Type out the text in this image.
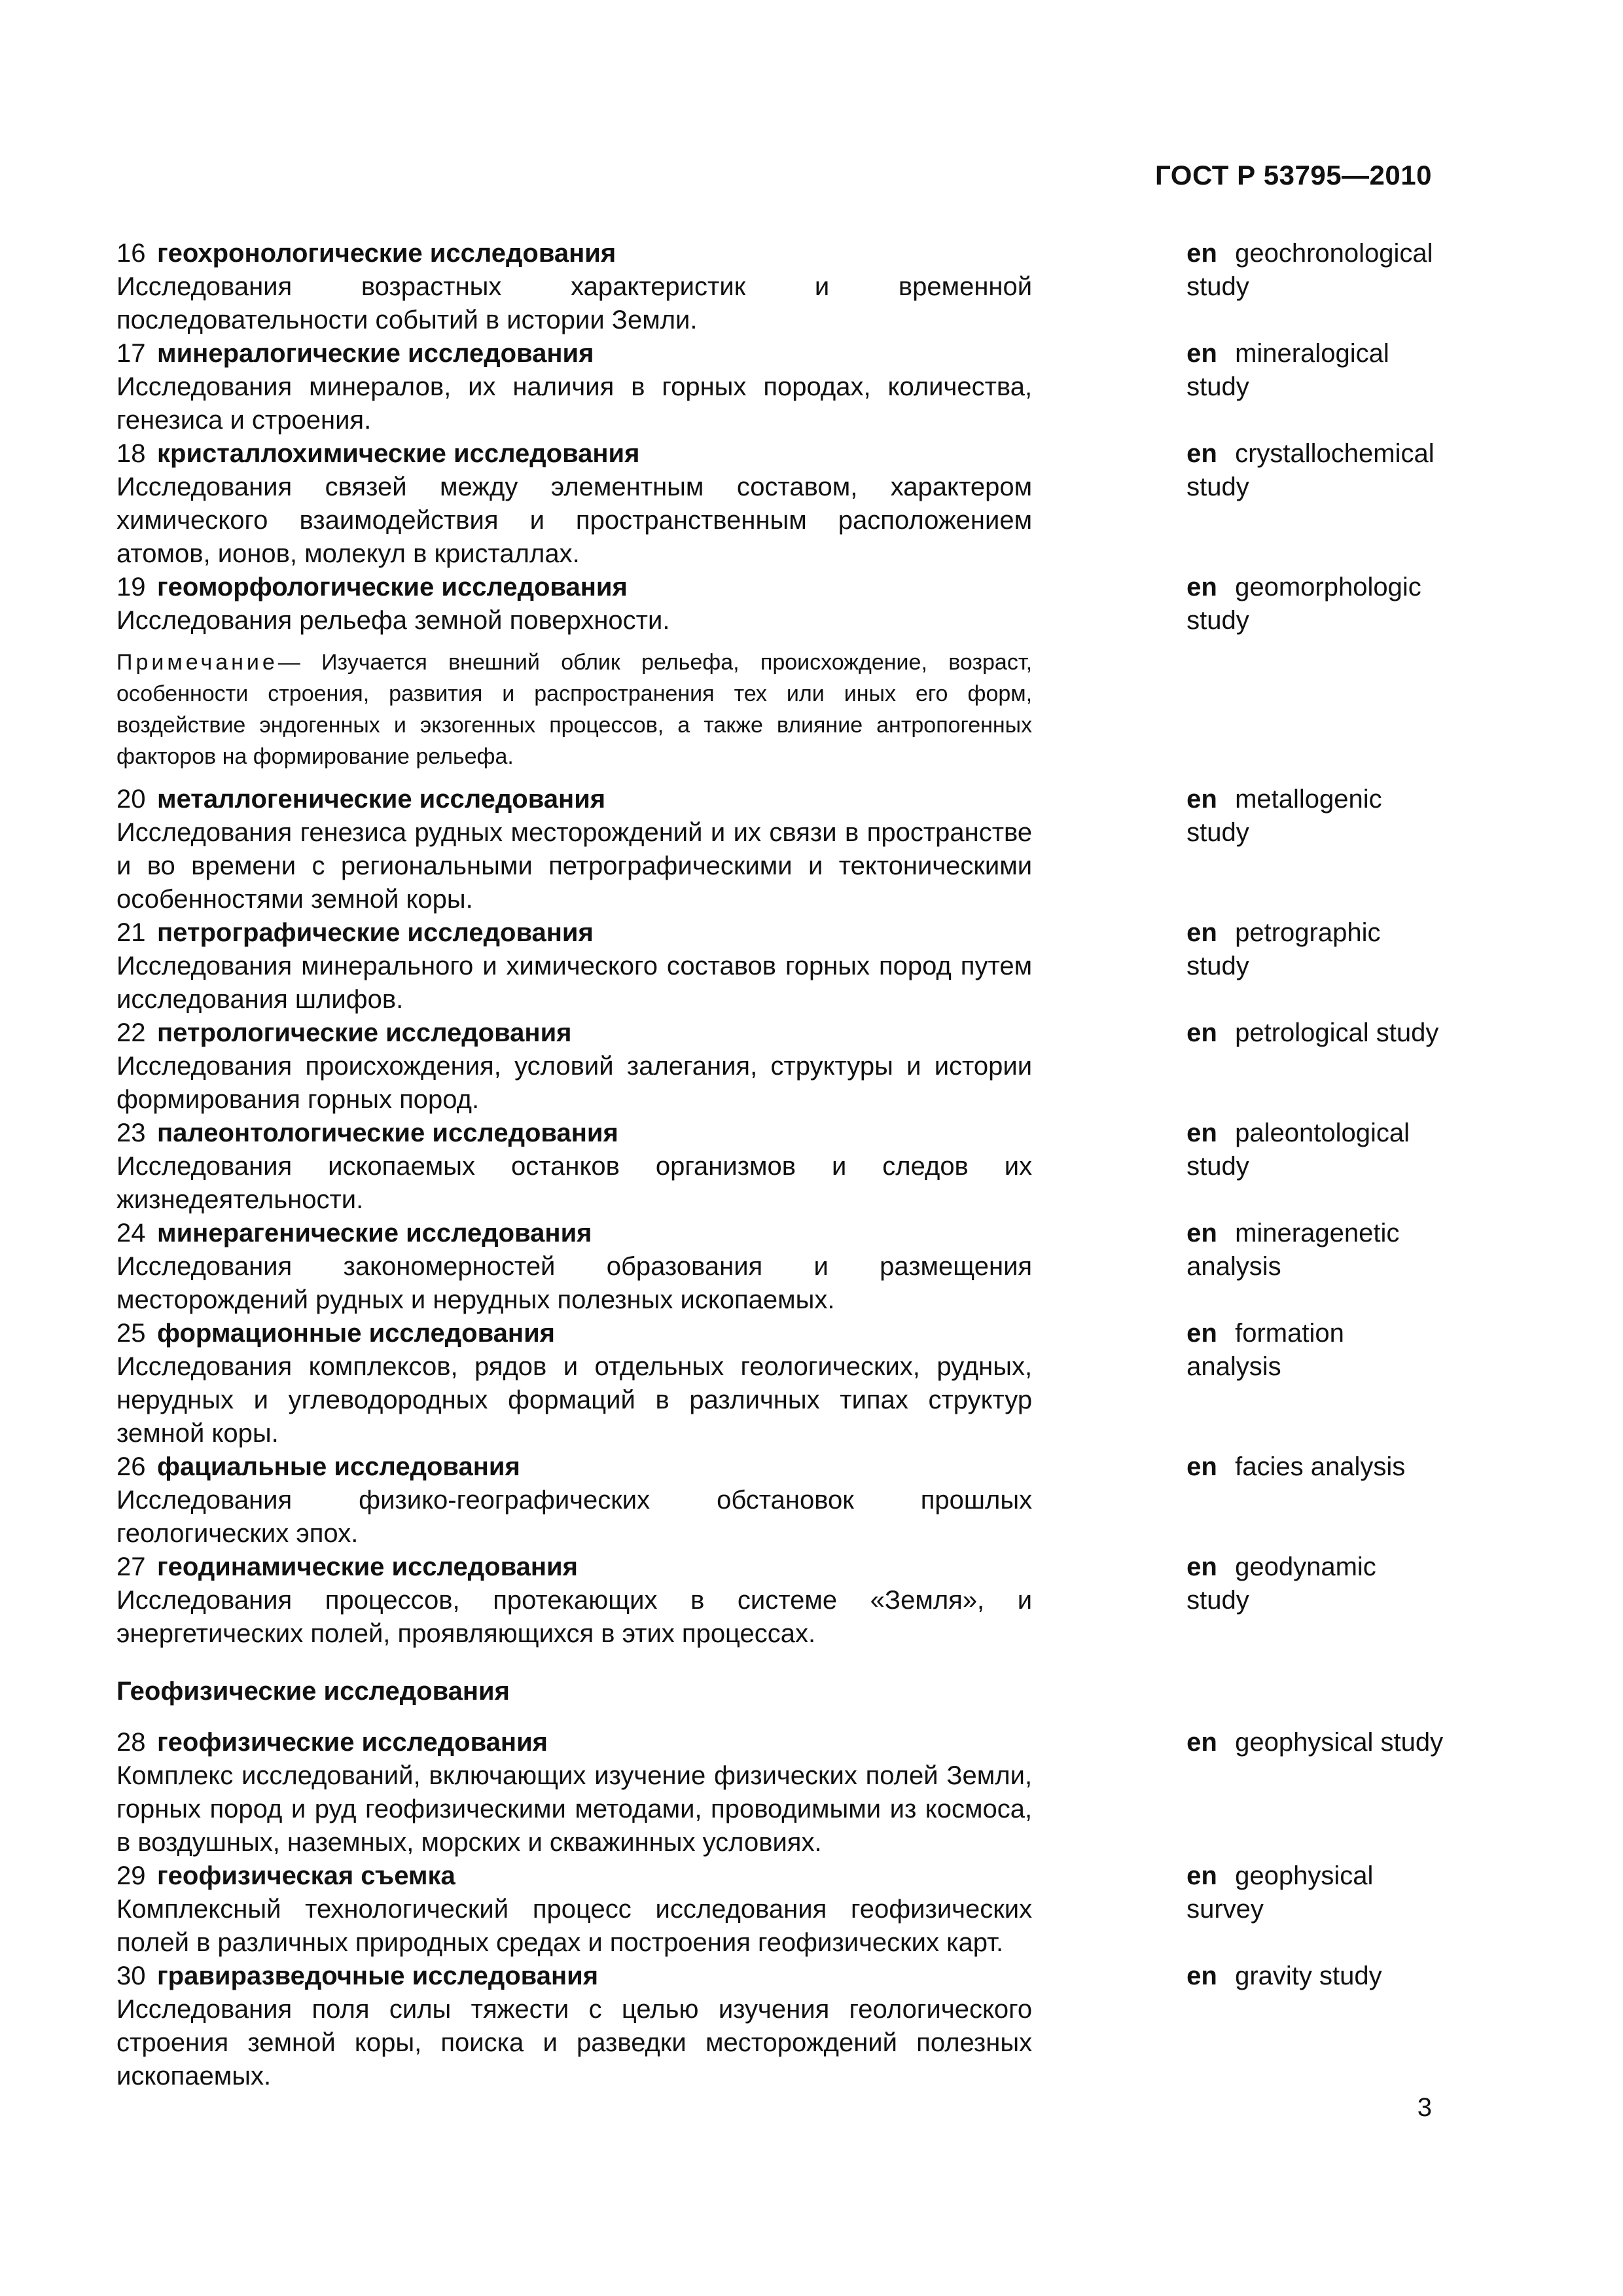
ГОСТ Р 53795—2010
16 геохронологические исследования
Исследования возрастных характеристик и временной последовательности событий в истории Земли.
en geochronological study
17 минералогические исследования
Исследования минералов, их наличия в горных породах, количества, генезиса и строения.
en mineralogical study
18 кристаллохимические исследования
Исследования связей между элементным составом, характером химического взаимодействия и пространственным расположением атомов, ионов, молекул в кристаллах.
en crystallochemical study
19 геоморфологические исследования
Исследования рельефа земной поверхности.
Примечание— Изучается внешний облик рельефа, происхождение, возраст, особенности строения, развития и распространения тех или иных его форм, воздействие эндогенных и экзогенных процессов, а также влияние антропогенных факторов на формирование рельефа.
en geomorphologic study
20 металлогенические исследования
Исследования генезиса рудных месторождений и их связи в пространстве и во времени с региональными петрографическими и тектоническими особенностями земной коры.
en metallogenic study
21 петрографические исследования
Исследования минерального и химического составов горных пород путем исследования шлифов.
en petrographic study
22 петрологические исследования
Исследования происхождения, условий залегания, структуры и истории формирования горных пород.
en petrological study
23 палеонтологические исследования
Исследования ископаемых останков организмов и следов их жизнедеятельности.
en paleontological study
24 минерагенические исследования
Исследования закономерностей образования и размещения месторождений рудных и нерудных полезных ископаемых.
en mineragenetic analysis
25 формационные исследования
Исследования комплексов, рядов и отдельных геологических, рудных, нерудных и углеводородных формаций в различных типах структур земной коры.
en formation analysis
26 фациальные исследования
Исследования физико-географических обстановок прошлых геологических эпох.
en facies analysis
27 геодинамические исследования
Исследования процессов, протекающих в системе «Земля», и энергетических полей, проявляющихся в этих процессах.
en geodynamic study
Геофизические исследования
28 геофизические исследования
Комплекс исследований, включающих изучение физических полей Земли, горных пород и руд геофизическими методами, проводимыми из космоса, в воздушных, наземных, морских и скважинных условиях.
en geophysical study
29 геофизическая съемка
Комплексный технологический процесс исследования геофизических полей в различных природных средах и построения геофизических карт.
en geophysical survey
30 гравиразведочные исследования
Исследования поля силы тяжести с целью изучения геологического строения земной коры, поиска и разведки месторождений полезных ископаемых.
en gravity study
3
